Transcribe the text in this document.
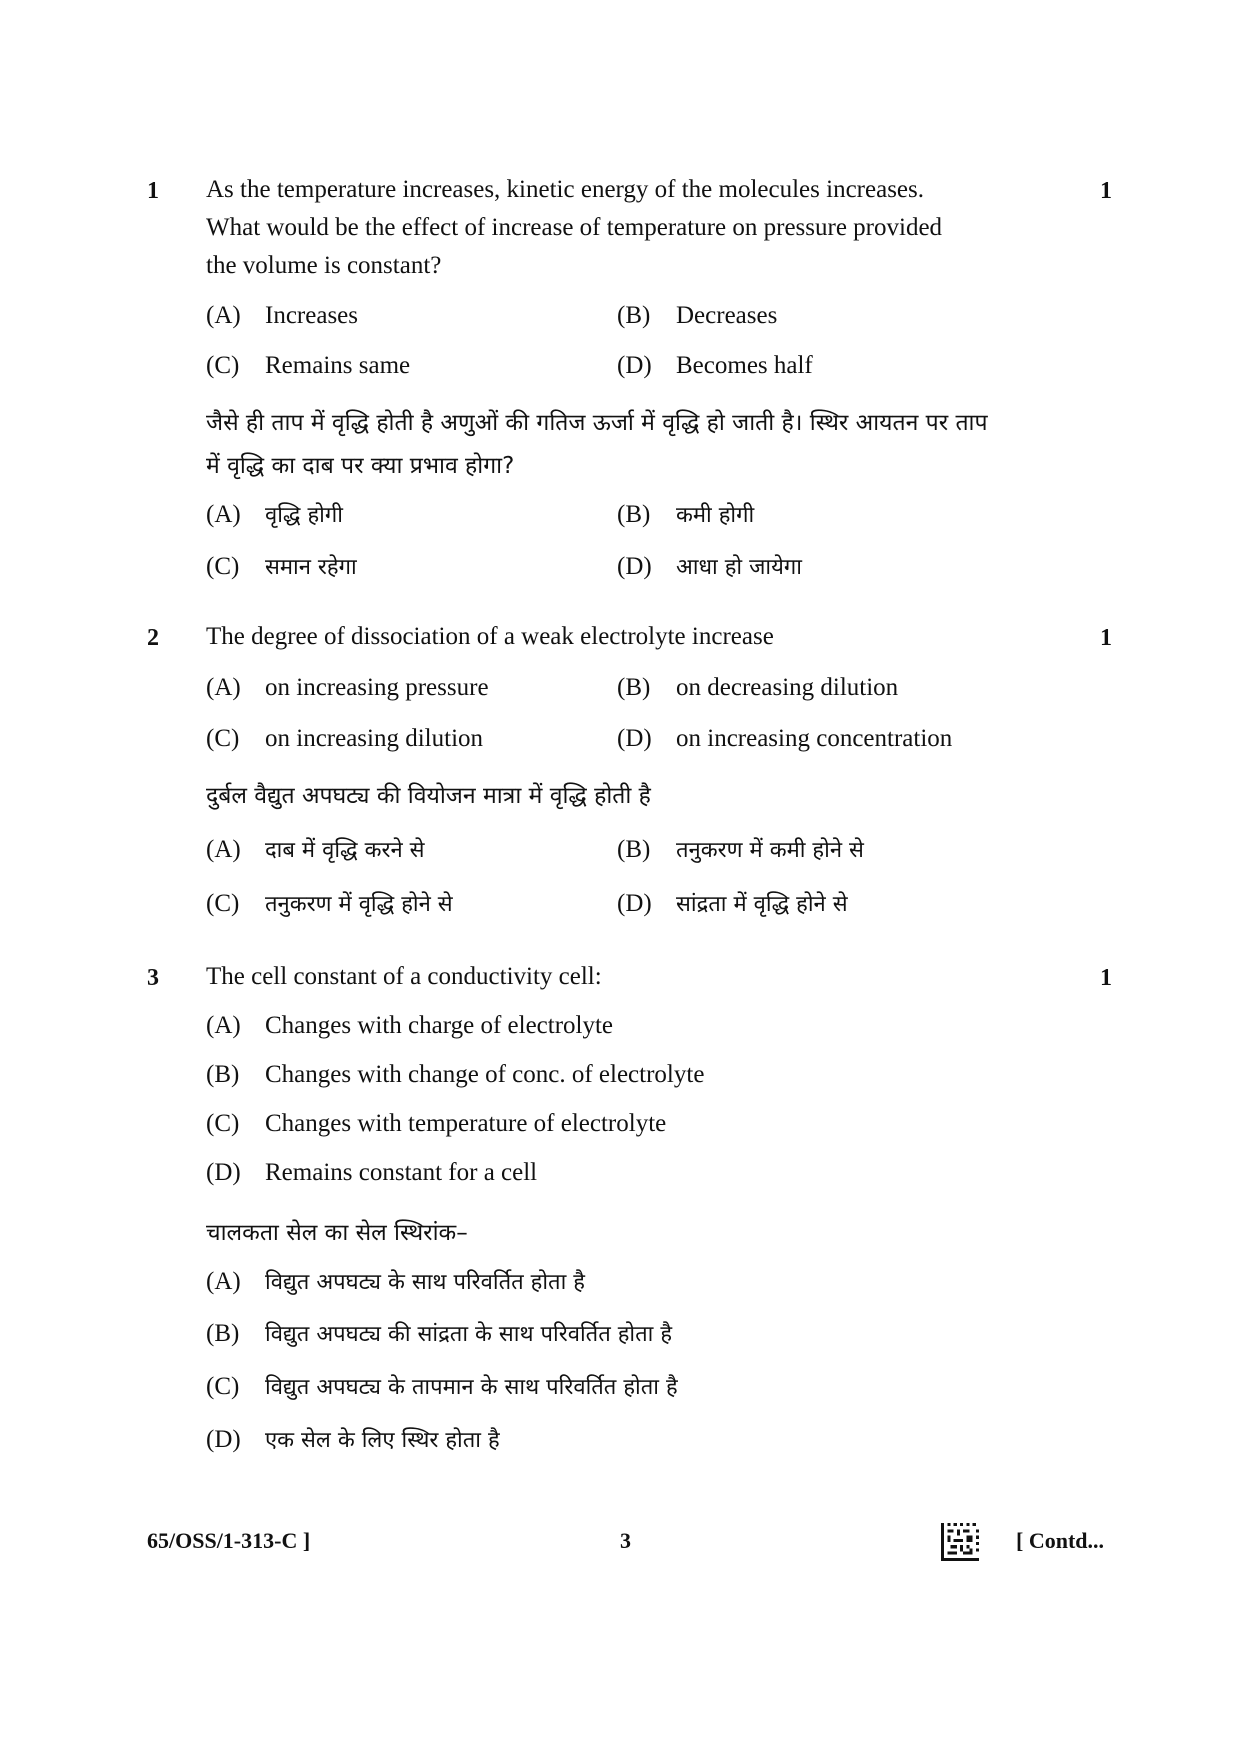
1	1
As the temperature increases, kinetic energy of the molecules increases.
What would be the effect of increase of temperature on pressure provided
the volume is constant?
(A) Increases	(B) Decreases
(C) Remains same	(D) Becomes half
जैसे ही ताप में वृद्धि होती है अणुओं की गतिज ऊर्जा में वृद्धि हो जाती है। स्थिर आयतन पर ताप
में वृद्धि का दाब पर क्या प्रभाव होगा?
(A) वृद्धि होगी	(B) कमी होगी
(C) समान रहेगा	(D) आधा हो जायेगा
2	1
The degree of dissociation of a weak electrolyte increase
(A) on increasing pressure	(B) on decreasing dilution
(C) on increasing dilution	(D) on increasing concentration
दुर्बल वैद्युत अपघट्य की वियोजन मात्रा में वृद्धि होती है
(A) दाब में वृद्धि करने से	(B) तनुकरण में कमी होने से
(C) तनुकरण में वृद्धि होने से	(D) सांद्रता में वृद्धि होने से
3	1
The cell constant of a conductivity cell:
(A) Changes with charge of electrolyte
(B) Changes with change of conc. of electrolyte
(C) Changes with temperature of electrolyte
(D) Remains constant for a cell
चालकता सेल का सेल स्थिरांक–
(A) विद्युत अपघट्य के साथ परिवर्तित होता है
(B) विद्युत अपघट्य की सांद्रता के साथ परिवर्तित होता है
(C) विद्युत अपघट्य के तापमान के साथ परिवर्तित होता है
(D) एक सेल के लिए स्थिर होता है
65/OSS/1-313-C ]	3	[ Contd...
